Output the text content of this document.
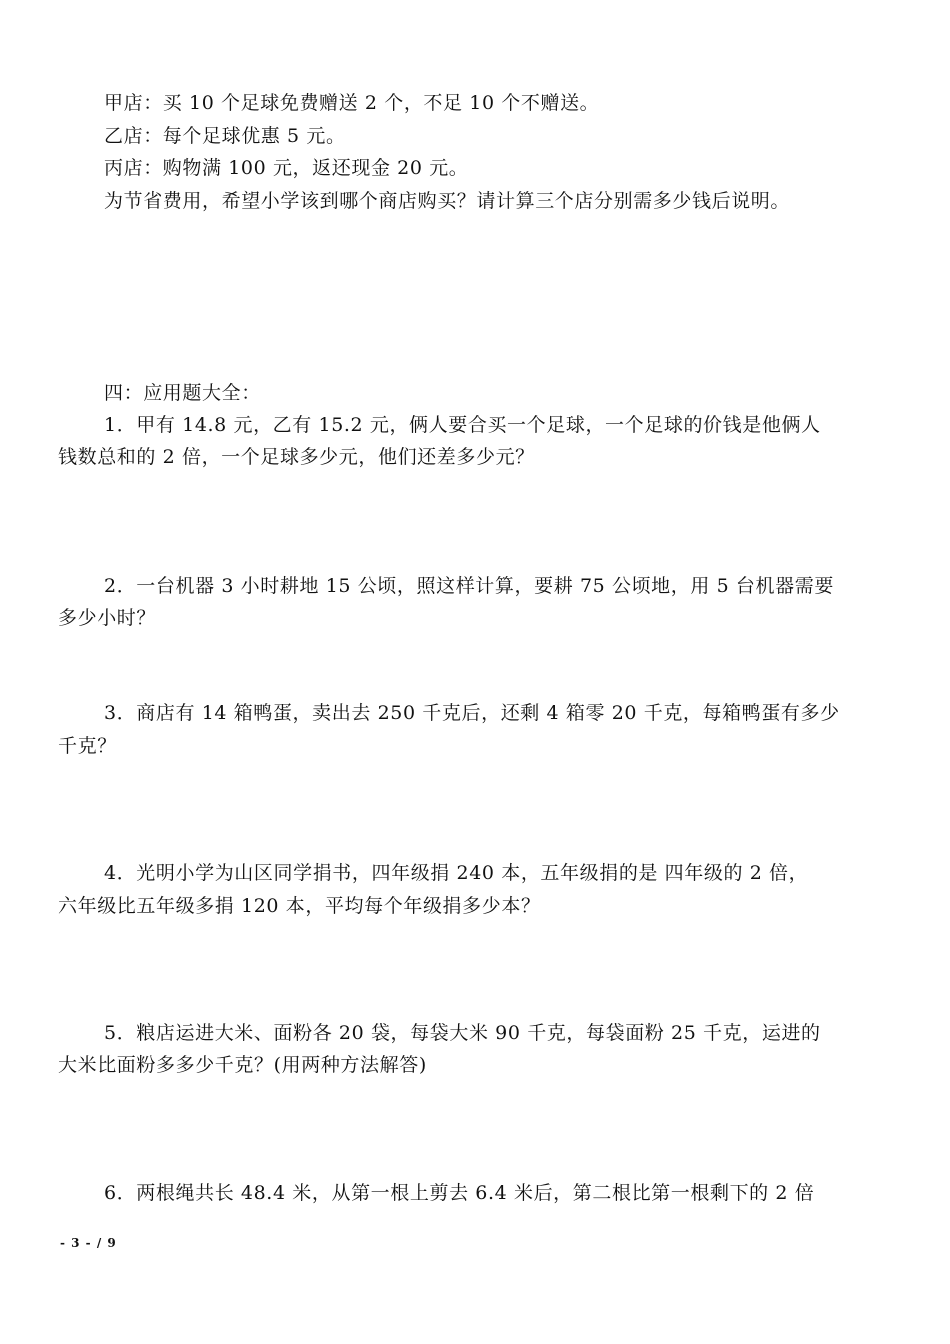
甲店：买 10 个足球免费赠送 2 个，不足 10 个不赠送。
乙店：每个足球优惠 5 元。
丙店：购物满 100 元，返还现金 20 元。
为节省费用，希望小学该到哪个商店购买？请计算三个店分别需多少钱后说明。
四：应用题大全：
1．甲有 14.8 元，乙有 15.2 元，俩人要合买一个足球，一个足球的价钱是他俩人
钱数总和的 2 倍，一个足球多少元，他们还差多少元？
2．一台机器 3 小时耕地 15 公顷，照这样计算，要耕 75 公顷地，用 5 台机器需要
多少小时？
3．商店有 14 箱鸭蛋，卖出去 250 千克后，还剩 4 箱零 20 千克，每箱鸭蛋有多少
千克？
4．光明小学为山区同学捐书，四年级捐 240 本，五年级捐的是 四年级的 2 倍，
六年级比五年级多捐 120 本，平均每个年级捐多少本？
5．粮店运进大米、面粉各 20 袋，每袋大米 90 千克，每袋面粉 25 千克，运进的
大米比面粉多多少千克？(用两种方法解答)
6．两根绳共长 48.4 米，从第一根上剪去 6.4 米后，第二根比第一根剩下的 2 倍
- 3 - / 9
